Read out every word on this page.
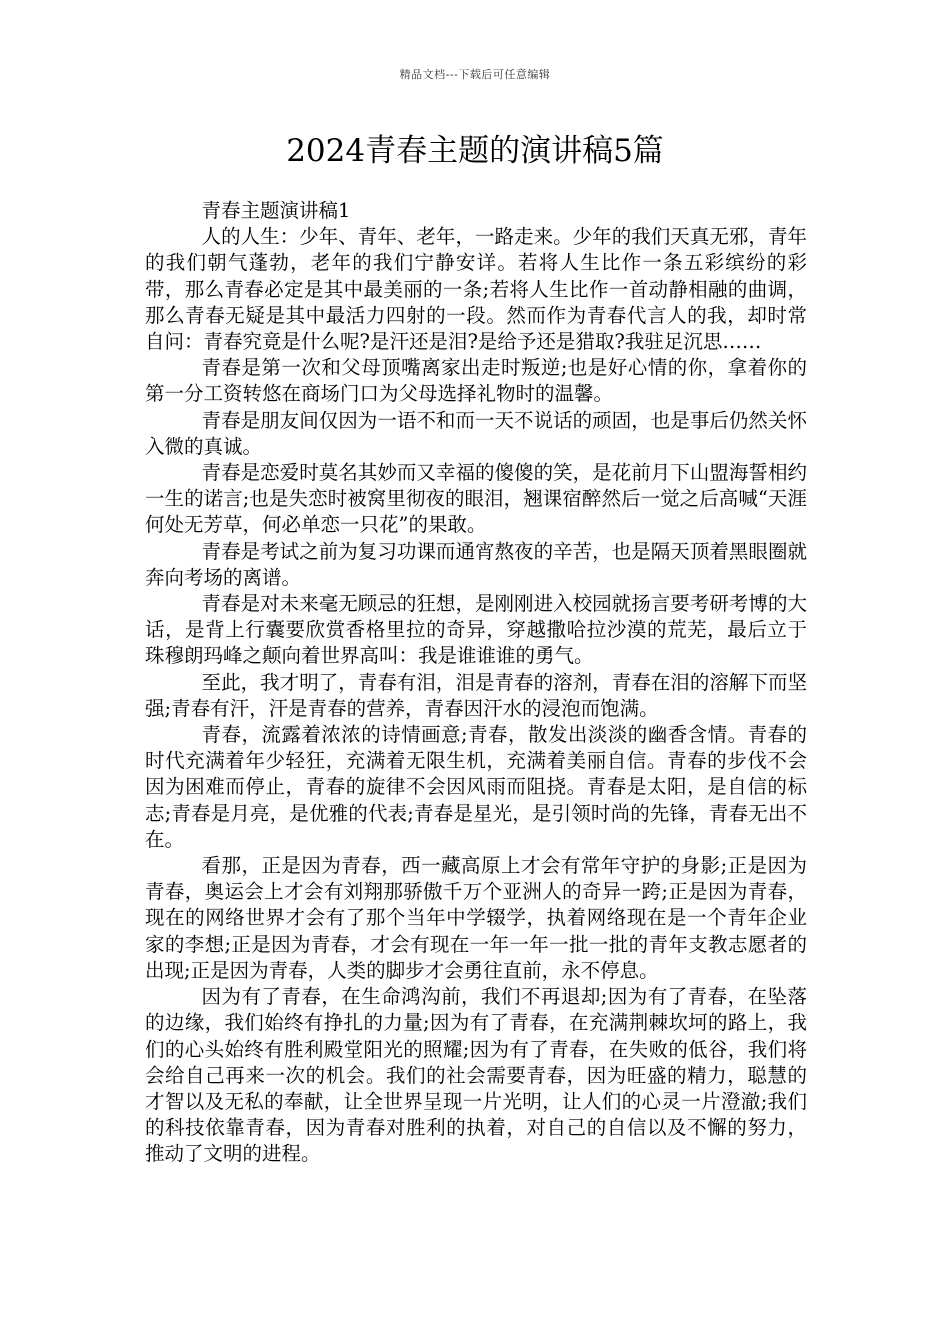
精品文档---下载后可任意编辑
2024青春主题的演讲稿5篇

青春主题演讲稿1

人的人生：少年、青年、老年，一路走来。少年的我们天真无邪，青年的我们朝气蓬勃，老年的我们宁静安详。若将人生比作一条五彩缤纷的彩带，那么青春必定是其中最美丽的一条;若将人生比作一首动静相融的曲调，那么青春无疑是其中最活力四射的一段。然而作为青春代言人的我，却时常自问：青春究竟是什么呢?是汗还是泪?是给予还是猎取?我驻足沉思……

青春是第一次和父母顶嘴离家出走时叛逆;也是好心情的你，拿着你的第一分工资转悠在商场门口为父母选择礼物时的温馨。

青春是朋友间仅因为一语不和而一天不说话的顽固，也是事后仍然关怀入微的真诚。

青春是恋爱时莫名其妙而又幸福的傻傻的笑，是花前月下山盟海誓相约一生的诺言;也是失恋时被窝里彻夜的眼泪，翘课宿醉然后一觉之后高喊“天涯何处无芳草，何必单恋一只花”的果敢。

青春是考试之前为复习功课而通宵熬夜的辛苦，也是隔天顶着黑眼圈就奔向考场的离谱。

青春是对未来毫无顾忌的狂想，是刚刚进入校园就扬言要考研考博的大话，是背上行囊要欣赏香格里拉的奇异，穿越撒哈拉沙漠的荒芜，最后立于珠穆朗玛峰之颠向着世界高叫：我是谁谁谁的勇气。

至此，我才明了，青春有泪，泪是青春的溶剂，青春在泪的溶解下而坚强;青春有汗，汗是青春的营养，青春因汗水的浸泡而饱满。

青春，流露着浓浓的诗情画意;青春，散发出淡淡的幽香含情。青春的时代充满着年少轻狂，充满着无限生机，充满着美丽自信。青春的步伐不会因为困难而停止，青春的旋律不会因风雨而阻挠。青春是太阳，是自信的标志;青春是月亮，是优雅的代表;青春是星光，是引领时尚的先锋，青春无出不在。

看那，正是因为青春，西一藏高原上才会有常年守护的身影;正是因为青春，奥运会上才会有刘翔那骄傲千万个亚洲人的奇异一跨;正是因为青春，现在的网络世界才会有了那个当年中学辍学，执着网络现在是一个青年企业家的李想;正是因为青春，才会有现在一年一年一批一批的青年支教志愿者的出现;正是因为青春，人类的脚步才会勇往直前，永不停息。

因为有了青春，在生命鸿沟前，我们不再退却;因为有了青春，在坠落的边缘，我们始终有挣扎的力量;因为有了青春，在充满荆棘坎坷的路上，我们的心头始终有胜利殿堂阳光的照耀;因为有了青春，在失败的低谷，我们将会给自己再来一次的机会。我们的社会需要青春，因为旺盛的精力，聪慧的才智以及无私的奉献，让全世界呈现一片光明，让人们的心灵一片澄澈;我们的科技依靠青春，因为青春对胜利的执着，对自己的自信以及不懈的努力，推动了文明的进程。
